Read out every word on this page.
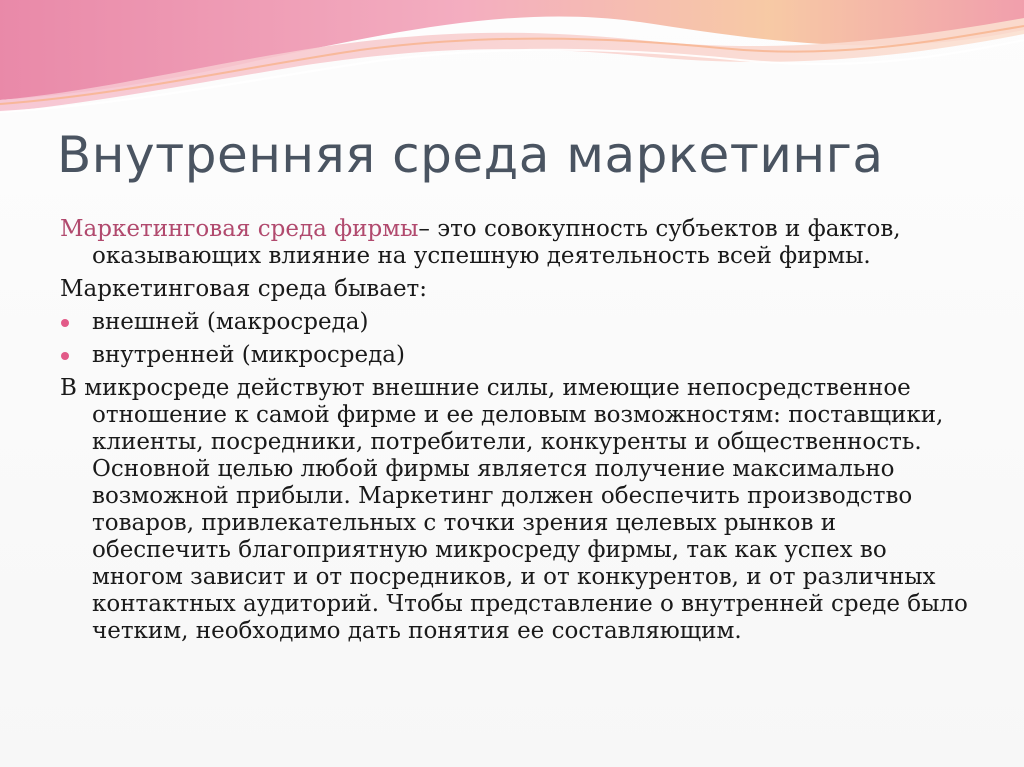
Внутренняя среда маркетинга

Маркетинговая среда фирмы– это совокупность субъектов и фактов, оказывающих влияние на успешную деятельность всей фирмы.

Маркетинговая среда бывает:

внешней (макросреда)
внутренней (микросреда)

В микросреде действуют внешние силы, имеющие непосредственное отношение к самой фирме и ее деловым возможностям: поставщики, клиенты, посредники, потребители, конкуренты и общественность. Основной целью любой фирмы является получение максимально возможной прибыли. Маркетинг должен обеспечить производство товаров, привлекательных с точки зрения целевых рынков и обеспечить благоприятную микросреду фирмы, так как успех во многом зависит и от посредников, и от конкурентов, и от различных контактных аудиторий. Чтобы представление о внутренней среде было четким, необходимо дать понятия ее составляющим.
